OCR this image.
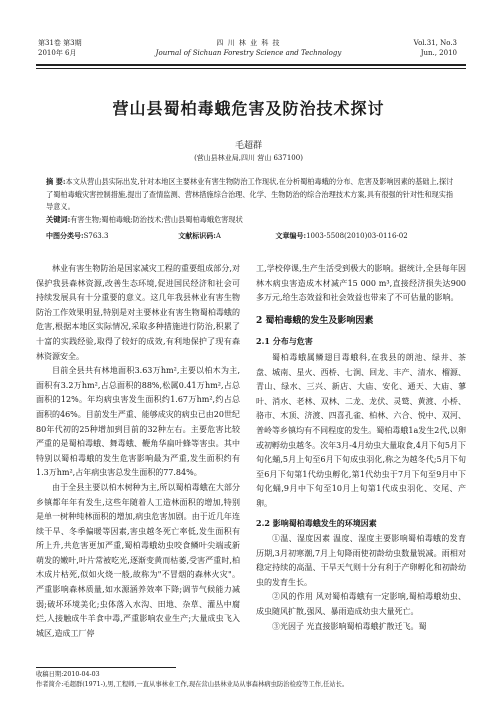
第31卷 第3期
2010年 6月
四 川 林 业 科 技
Journal of Sichuan Forestry Science and Technology
Vol.31, No.3
Jun., 2010
营山县蜀柏毒蛾危害及防治技术探讨
毛超群
(营山县林业局,四川 营山 637100)
摘 要:本文从营山县实际出发,针对本地区主要林业有害生物防治工作现状,在分析蜀柏毒蛾的分布、危害及影响因素的基础上,探讨了蜀柏毒蛾灾害控制措施,提出了查情监测、营林措施综合治理、化学、生物防治的综合治理技术方案,具有很强的针对性和现实指导意义。
关键词:有害生物;蜀柏毒蛾;防治技术;营山县蜀柏毒蛾危害现状
中图分类号:S763.3	文献标识码:A	文章编号:1003-5508(2010)03-0116-02

林业有害生物防治是国家减灾工程的重要组成部分,对保护我县森林资源,改善生态环境,促进国民经济和社会可持续发展具有十分重要的意义。这几年我县林业有害生物防治工作效果明显,特别是对主要林业有害生物蜀柏毒蛾的危害,根据本地区实际情况,采取多种措施进行防治,积累了十富的实践经验,取得了较好的成效,有利地保护了现有森林资源安全。

目前全县共有林地面积3.63万hm²,主要以柏木为主,面积有3.2万hm²,占总面积的88%,松属0.41万hm²,占总面积的12%。年均病虫害发生面积约1.67万hm²,约占总面积的46%。目前发生严重、能够成灾的病虫已由20世纪80年代初的25种增加到目前的32种左右。主要危害比较严重的是蜀柏毒蛾、舞毒蛾、鞭角华扁叶蜂等害虫。其中特别以蜀柏毒蛾的发生危害影响最为严重,发生面积约有1.3万hm²,占年病虫害总发生面积的77.84%。

由于全县主要以柏木树种为主,所以蜀柏毒蛾在大部分乡镇都年年有发生,这些年随着人工造林面积的增加,特别是单一树种纯林面积的增加,病虫危害加剧。由于近几年连续干旱、冬季偏暖等因素,害虫越冬死亡率低,发生面积有所上升,共危害更加严重,蜀柏毒蛾幼虫咬食鳞叶尖端或新萌发的嫩叶,叶片常被吃光,逐渐变黄而枯萎,受害严重时,柏木成片枯死,似如火烧一般,故称为"不冒烟的森林火灾"。严重影响森林质量,如水源涵养效率下降;调节气候能力减弱;破坏环境美化;虫体落入水沟、田地、杂草、灌丛中腐烂,人接触成牛羊食中毒,严重影响农业生产;大量成虫飞入城区,造成工厂停

工,学校停课,生产生活受到极大的影响。据统计,全县每年因林木病虫害造成木材减产15 000 m³,直接经济损失达900多万元,给生态效益和社会效益也带来了不可估量的影响。

2 蜀柏毒蛾的发生及影响因素
2.1 分布与危害

蜀柏毒蛾属鳞翅目毒蛾科,在我县的朗池、绿井、茶盘、城南、星火、西桥、七涧、回龙、丰产、清水、榴源、青山、绿水、三兴、新店、大庙、安化、通天、大庙、蓼叶、消水、老林、双林、二龙、龙伏、灵鹫、黄渡、小桥、骆市、木顶、济渡、四喜孔雀、柏林、六合、悦中、双河、普岭等乡镇均有不同程度的发生。蜀柏毒蛾1a发生2代,以卵或初孵幼虫越冬。次年3月-4月幼虫大量取食,4月下旬5月下旬化蛹,5月上旬至6月下旬成虫羽化,称之为越冬代;5月下旬至6月下旬第1代幼虫孵化,第1代幼虫于7月下旬至9月中下旬化蛹,9月中下旬至10月上旬第1代成虫羽化、交尾、产卵。

2.2 影响蜀柏毒蛾发生的环境因素

①温、湿度因素 温度、湿度主要影响蜀柏毒蛾的发育历期,3月初寒潮,7月上旬降雨使初龄幼虫数量锐减。雨相对稳定持续的高温、干旱天气则十分有利于产卵孵化和初龄幼虫的发育生长。

②风的作用 风对蜀柏毒蛾有一定影响,蜀柏毒蛾幼虫、成虫随风扩散,强风、暴雨造成幼虫大量死亡。

③光因子 光直接影响蜀柏毒蛾扩散迁飞。蜀

收稿日期:2010-04-03
作者简介:毛超群(1971-),男,工程师,一直从事林业工作,现在营山县林业局从事森林病虫防治检疫等工作,任站长。
